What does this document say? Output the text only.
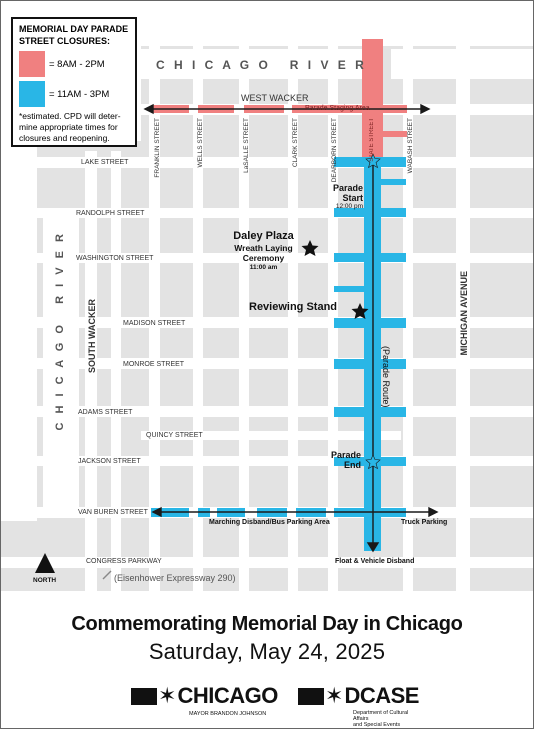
C H I C A G O   R I V E R
WEST WACKER
Parade Staging Area
LAKE STREET
RANDOLPH STREET
WASHINGTON STREET
MADISON STREET
MONROE STREET
ADAMS STREET
QUINCY STREET
JACKSON STREET
VAN BUREN STREET
CONGRESS PARKWAY
FRANKLIN STREET	WELLS STREET	LaSALLE STREET	CLARK STREET	DEARBORN STREET	STATE STREET	WABASH STREET
C H I C A G O   R I V E R SOUTH WACKER	MICHIGAN AVENUE
Parade
Start
12:00 pm
Daley Plaza
Wreath Laying
Ceremony
11:00 am
Reviewing Stand
(Parade Route)
Parade
End
Marching Disband/Bus Parking Area	Truck Parking
Float & Vehicle Disband
NORTH	(Eisenhower Expressway 290)
MEMORIAL DAY PARADE
STREET CLOSURES:
= 8AM - 2PM
= 11AM - 3PM
*estimated. CPD will deter-
mine appropriate times for
closures and reopening.
Commemorating Memorial Day in Chicago
Saturday, May 24, 2025
✶ CHICAGO
MAYOR BRANDON JOHNSON
✶ DCASE
Department of Cultural Affairs
and Special Events
